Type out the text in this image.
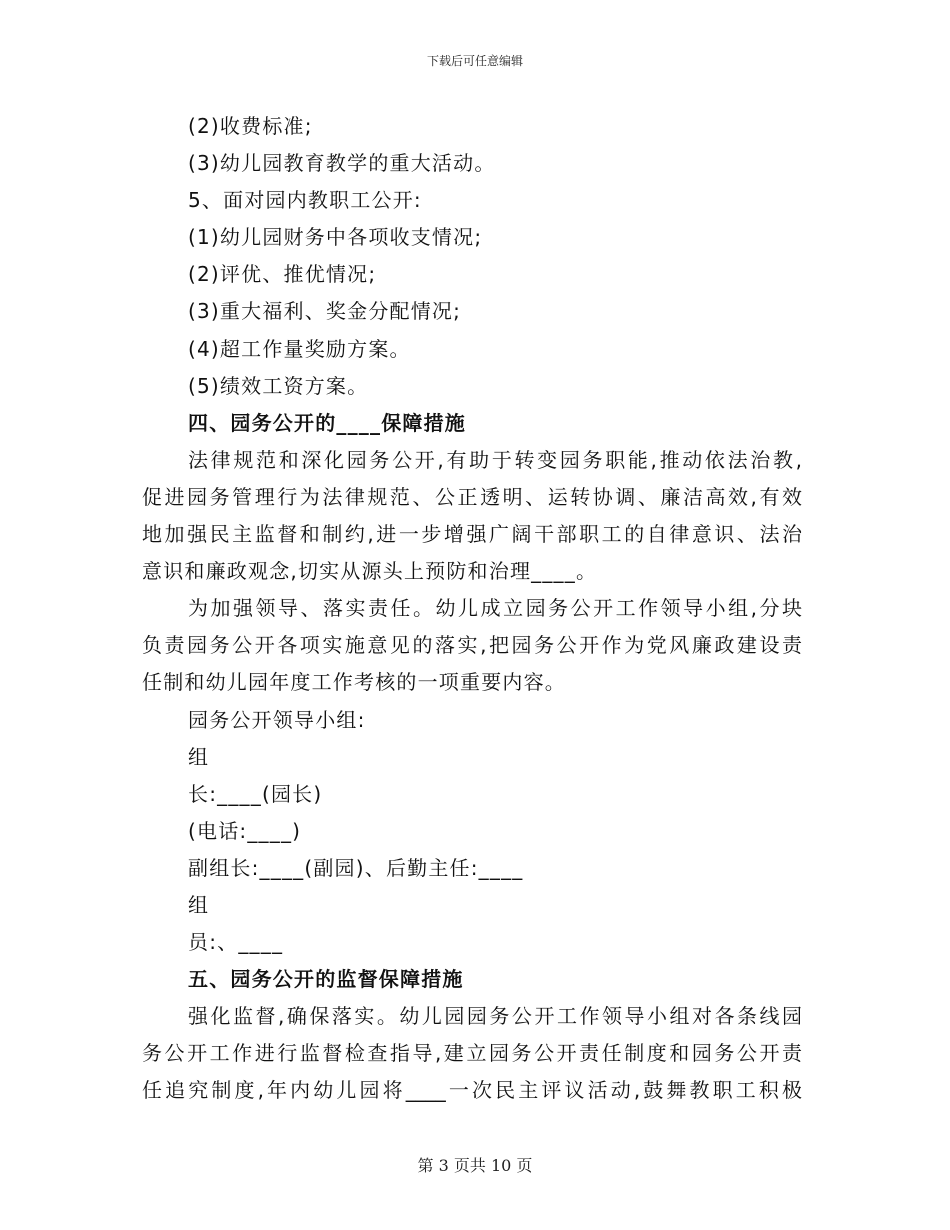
下载后可任意编辑
(2)收费标准;
(3)幼儿园教育教学的重大活动。
5、面对园内教职工公开:
(1)幼儿园财务中各项收支情况;
(2)评优、推优情况;
(3)重大福利、奖金分配情况;
(4)超工作量奖励方案。
(5)绩效工资方案。
四、园务公开的____保障措施
法律规范和深化园务公开,有助于转变园务职能,推动依法治教,
促进园务管理行为法律规范、公正透明、运转协调、廉洁高效,有效
地加强民主监督和制约,进一步增强广阔干部职工的自律意识、法治
意识和廉政观念,切实从源头上预防和治理____。
为加强领导、落实责任。幼儿成立园务公开工作领导小组,分块
负责园务公开各项实施意见的落实,把园务公开作为党风廉政建设责
任制和幼儿园年度工作考核的一项重要内容。
园务公开领导小组:
组
长:____(园长)
(电话:____)
副组长:____(副园)、后勤主任:____
组
员:、____
五、园务公开的监督保障措施
强化监督,确保落实。幼儿园园务公开工作领导小组对各条线园
务公开工作进行监督检查指导,建立园务公开责任制度和园务公开责
任追究制度,年内幼儿园将____一次民主评议活动,鼓舞教职工积极
第 3 页共 10 页
